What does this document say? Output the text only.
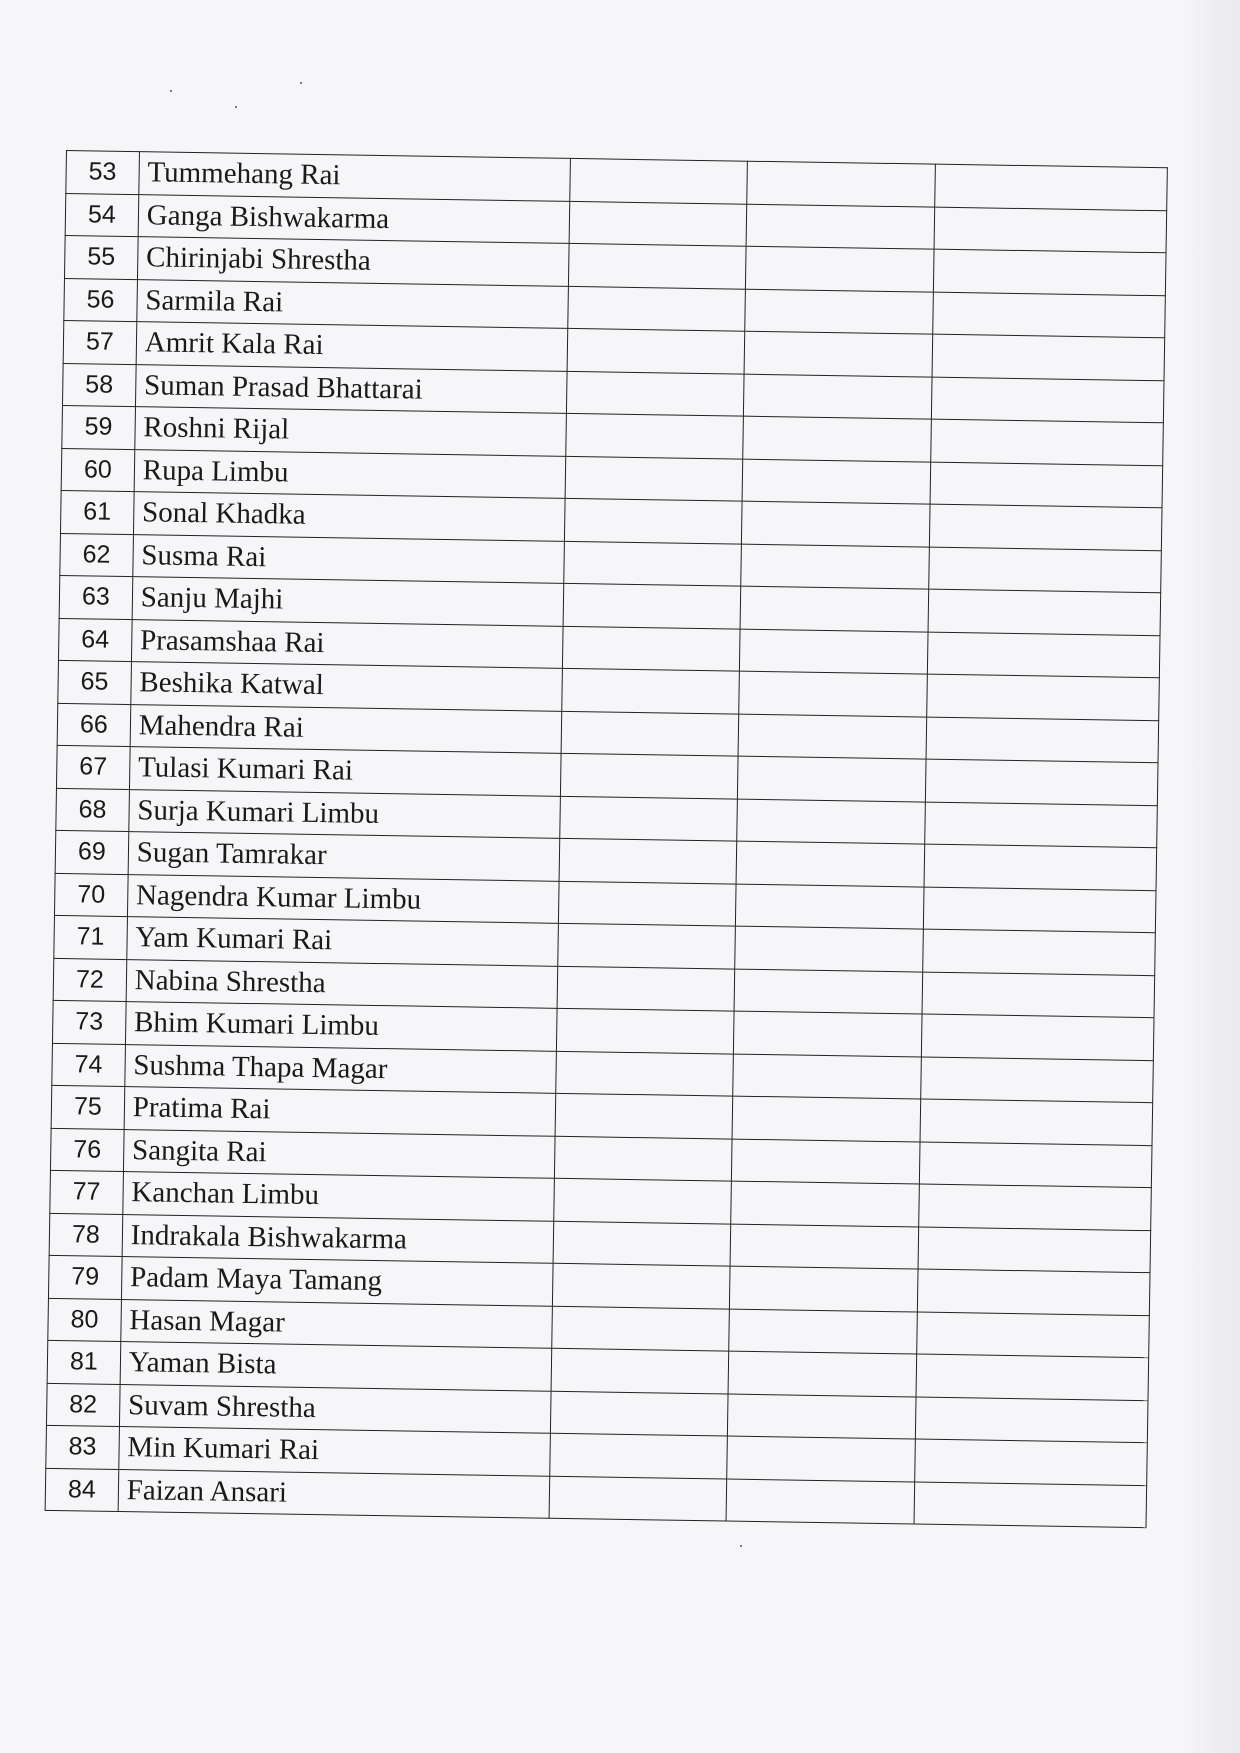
53	Tummehang Rai			
54	Ganga Bishwakarma			
55	Chirinjabi Shrestha			
56	Sarmila Rai			
57	Amrit Kala Rai			
58	Suman Prasad Bhattarai			
59	Roshni Rijal			
60	Rupa Limbu			
61	Sonal Khadka			
62	Susma Rai			
63	Sanju Majhi			
64	Prasamshaa Rai			
65	Beshika Katwal			
66	Mahendra Rai			
67	Tulasi Kumari Rai			
68	Surja Kumari Limbu			
69	Sugan Tamrakar			
70	Nagendra Kumar Limbu			
71	Yam Kumari Rai			
72	Nabina Shrestha			
73	Bhim Kumari Limbu			
74	Sushma Thapa Magar			
75	Pratima Rai			
76	Sangita Rai			
77	Kanchan Limbu			
78	Indrakala Bishwakarma			
79	Padam Maya Tamang			
80	Hasan Magar			
81	Yaman Bista			
82	Suvam Shrestha			
83	Min Kumari Rai			
84	Faizan Ansari			
